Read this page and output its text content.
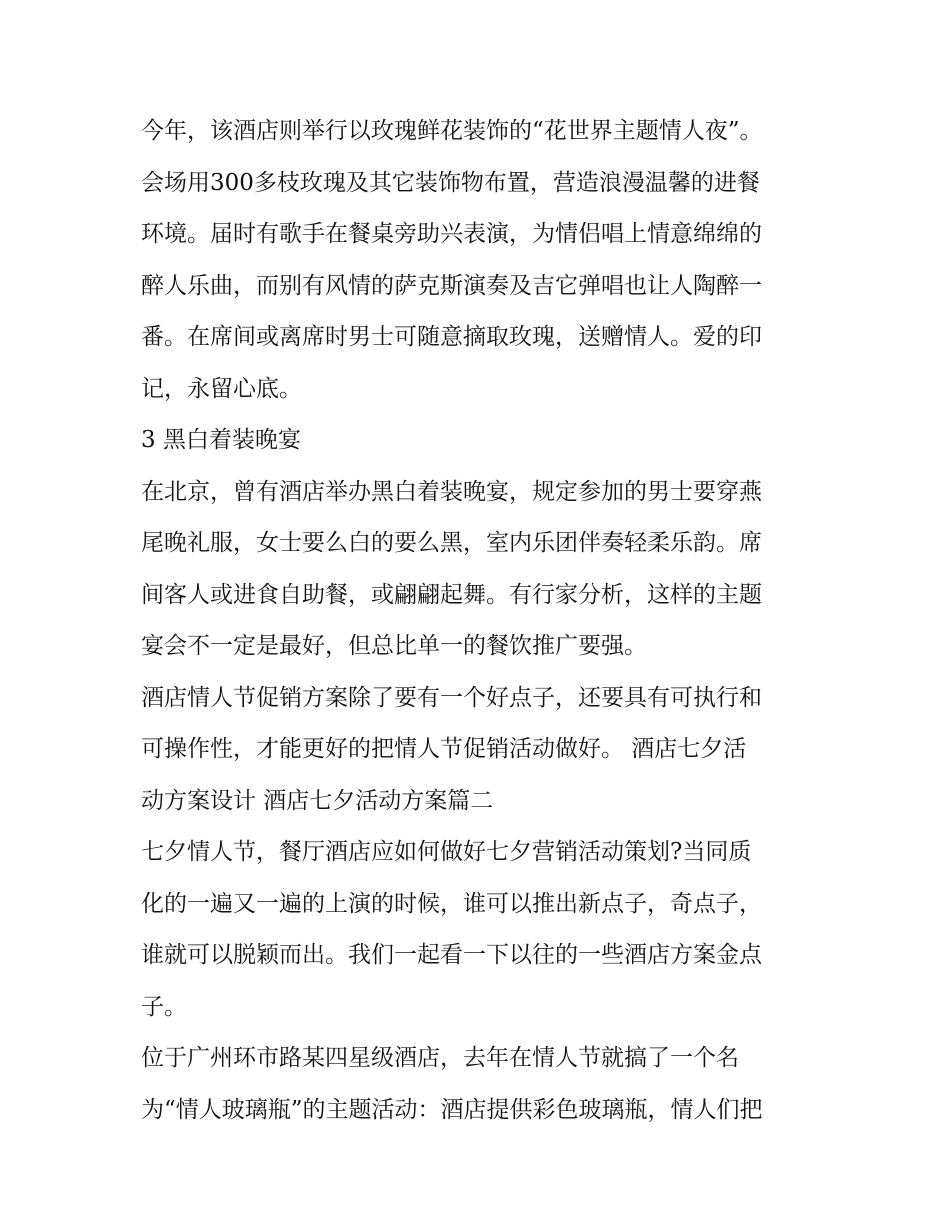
今年，该酒店则举行以玫瑰鲜花装饰的“花世界主题情人夜”。
会场用300多枝玫瑰及其它装饰物布置，营造浪漫温馨的进餐
环境。届时有歌手在餐桌旁助兴表演，为情侣唱上情意绵绵的
醉人乐曲，而别有风情的萨克斯演奏及吉它弹唱也让人陶醉一
番。在席间或离席时男士可随意摘取玫瑰，送赠情人。爱的印
记，永留心底。
3 黑白着装晚宴
在北京，曾有酒店举办黑白着装晚宴，规定参加的男士要穿燕
尾晚礼服，女士要么白的要么黑，室内乐团伴奏轻柔乐韵。席
间客人或进食自助餐，或翩翩起舞。有行家分析，这样的主题
宴会不一定是最好，但总比单一的餐饮推广要强。
酒店情人节促销方案除了要有一个好点子，还要具有可执行和
可操作性，才能更好的把情人节促销活动做好。 酒店七夕活
动方案设计 酒店七夕活动方案篇二
七夕情人节，餐厅酒店应如何做好七夕营销活动策划?当同质
化的一遍又一遍的上演的时候，谁可以推出新点子，奇点子，
谁就可以脱颖而出。我们一起看一下以往的一些酒店方案金点
子。
位于广州环市路某四星级酒店，去年在情人节就搞了一个名
为“情人玻璃瓶”的主题活动：酒店提供彩色玻璃瓶，情人们把
